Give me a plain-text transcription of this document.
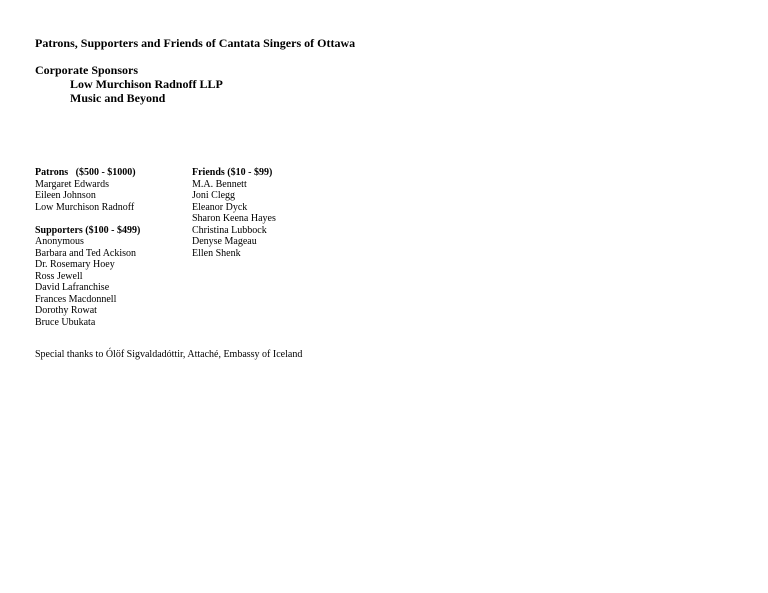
Patrons, Supporters and Friends of Cantata Singers of Ottawa
Corporate Sponsors
Low Murchison Radnoff LLP
Music and Beyond
Patrons   ($500 - $1000)
Margaret Edwards
Eileen Johnson
Low Murchison Radnoff
Supporters ($100 - $499)
Anonymous
Barbara and Ted Ackison
Dr. Rosemary Hoey
Ross Jewell
David Lafranchise
Frances Macdonnell
Dorothy Rowat
Bruce Ubukata
Friends ($10 - $99)
M.A. Bennett
Joni Clegg
Eleanor Dyck
Sharon Keena Hayes
Christina Lubbock
Denyse Mageau
Ellen Shenk
Special thanks to Ólöf Sigvaldadóttir, Attaché, Embassy of Iceland
